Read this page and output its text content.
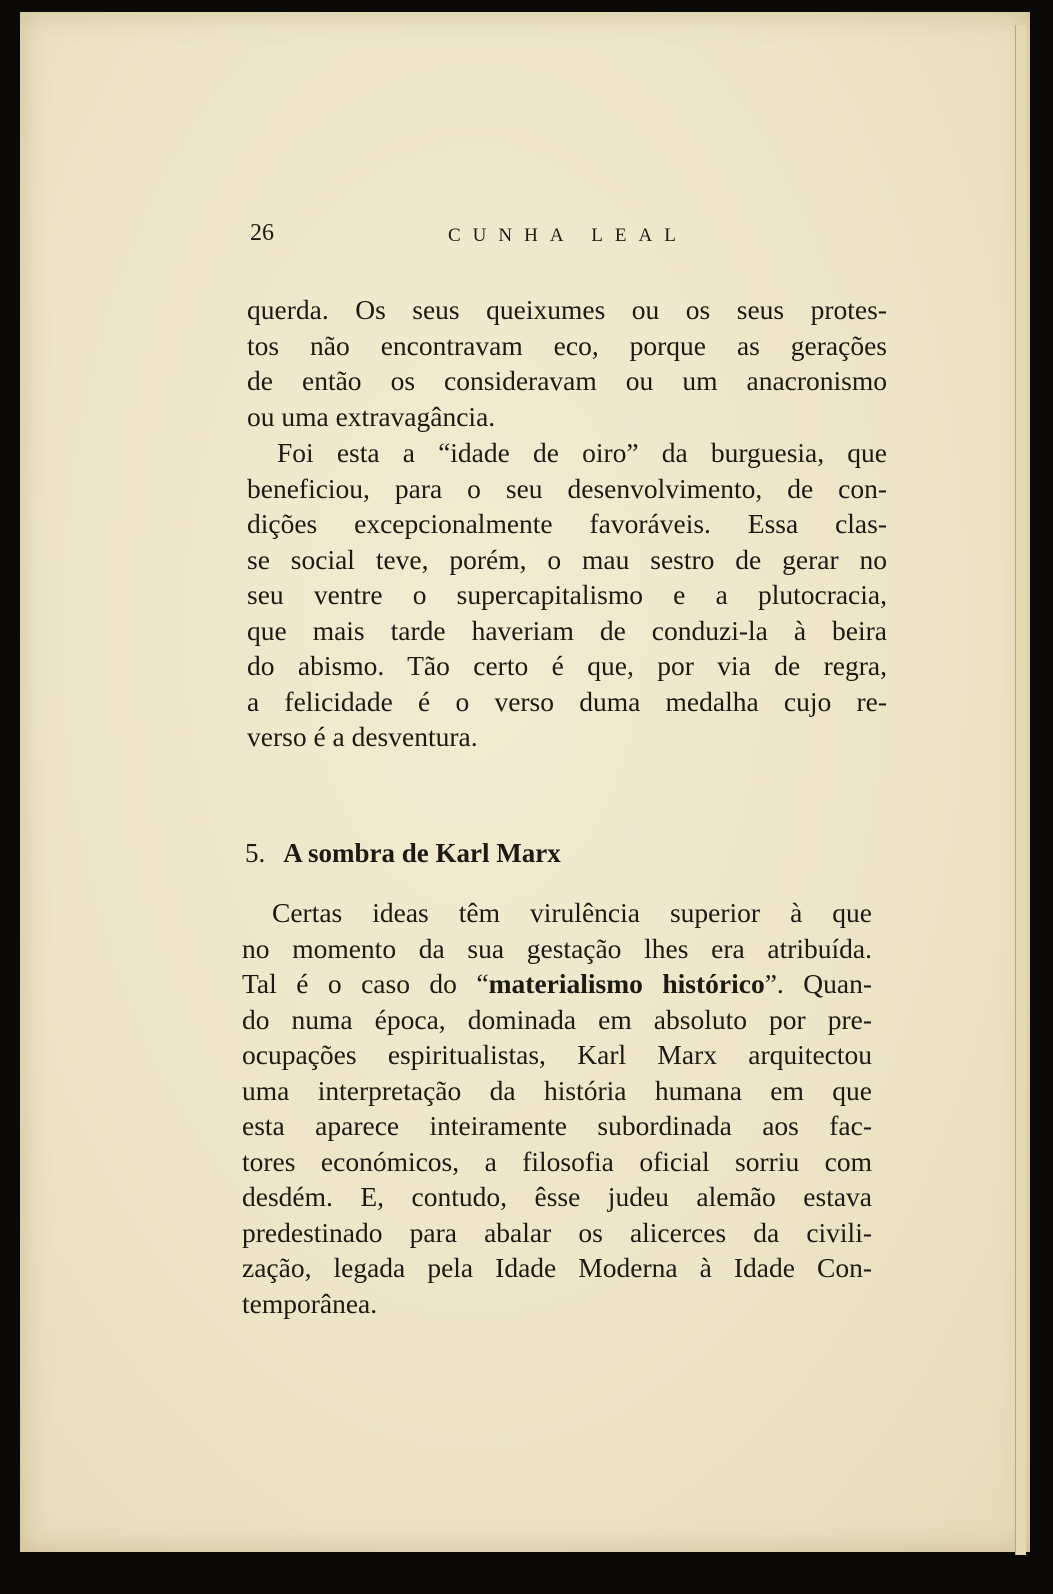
26	CUNHA LEAL
querda. Os seus queixumes ou os seus protes-
tos não encontravam eco, porque as gerações
de então os consideravam ou um anacronismo
ou uma extravagância.
Foi esta a “idade de oiro” da burguesia, que
beneficiou, para o seu desenvolvimento, de con-
dições excepcionalmente favoráveis. Essa clas-
se social teve, porém, o mau sestro de gerar no
seu ventre o supercapitalismo e a plutocracia,
que mais tarde haveriam de conduzi-la à beira
do abismo. Tão certo é que, por via de regra,
a felicidade é o verso duma medalha cujo re-
verso é a desventura.
5. A sombra de Karl Marx
Certas ideas têm virulência superior à que
no momento da sua gestação lhes era atribuída.
Tal é o caso do “materialismo histórico”. Quan-
do numa época, dominada em absoluto por pre-
ocupações espiritualistas, Karl Marx arquitectou
uma interpretação da história humana em que
esta aparece inteiramente subordinada aos fac-
tores económicos, a filosofia oficial sorriu com
desdém. E, contudo, êsse judeu alemão estava
predestinado para abalar os alicerces da civili-
zação, legada pela Idade Moderna à Idade Con-
temporânea.
